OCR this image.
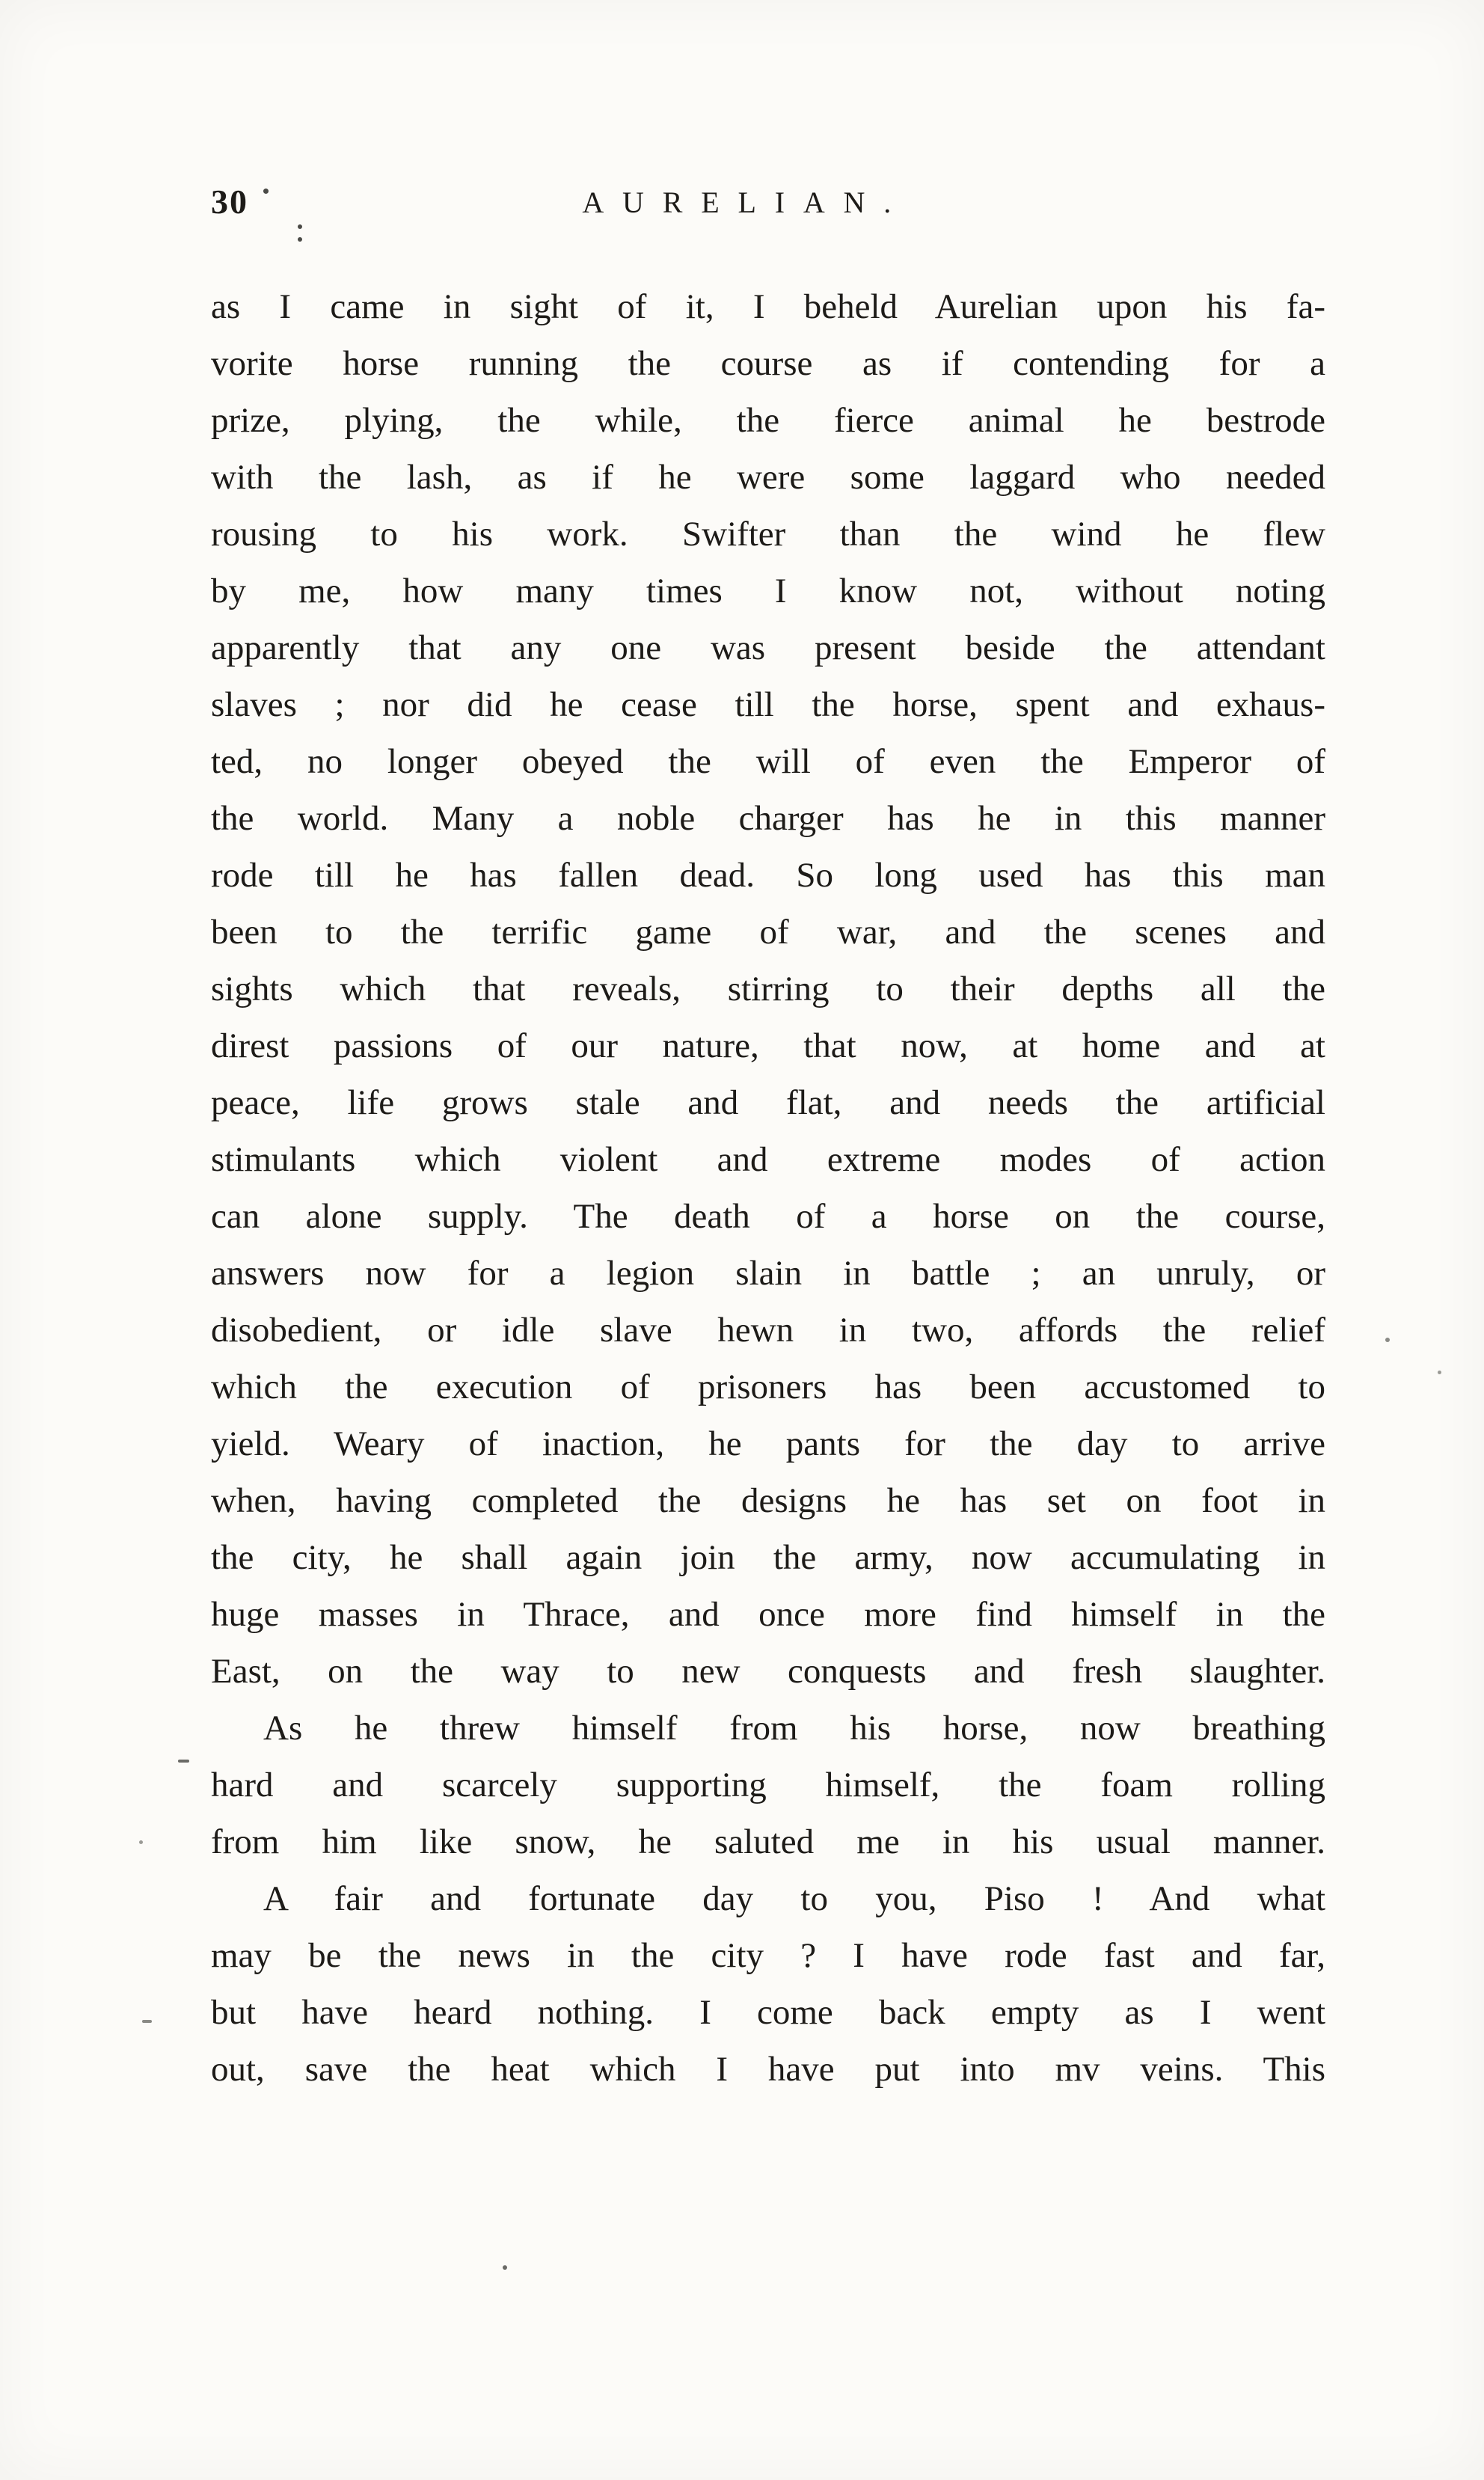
30	AURELIAN.
as I came in sight of it, I beheld Aurelian upon his fa-
vorite horse running the course as if contending for a
prize, plying, the while, the fierce animal he bestrode
with the lash, as if he were some laggard who needed
rousing to his work. Swifter than the wind he flew
by me, how many times I know not, without noting
apparently that any one was present beside the attendant
slaves ; nor did he cease till the horse, spent and exhaus-
ted, no longer obeyed the will of even the Emperor of
the world. Many a noble charger has he in this manner
rode till he has fallen dead. So long used has this man
been to the terrific game of war, and the scenes and
sights which that reveals, stirring to their depths all the
direst passions of our nature, that now, at home and at
peace, life grows stale and flat, and needs the artificial
stimulants which violent and extreme modes of action
can alone supply. The death of a horse on the course,
answers now for a legion slain in battle ; an unruly, or
disobedient, or idle slave hewn in two, affords the relief
which the execution of prisoners has been accustomed to
yield. Weary of inaction, he pants for the day to arrive
when, having completed the designs he has set on foot in
the city, he shall again join the army, now accumulating in
huge masses in Thrace, and once more find himself in the
East, on the way to new conquests and fresh slaughter.
As he threw himself from his horse, now breathing
hard and scarcely supporting himself, the foam rolling
from him like snow, he saluted me in his usual manner.
A fair and fortunate day to you, Piso ! And what
may be the news in the city ? I have rode fast and far,
but have heard nothing. I come back empty as I went
out, save the heat which I have put into mv veins. This
